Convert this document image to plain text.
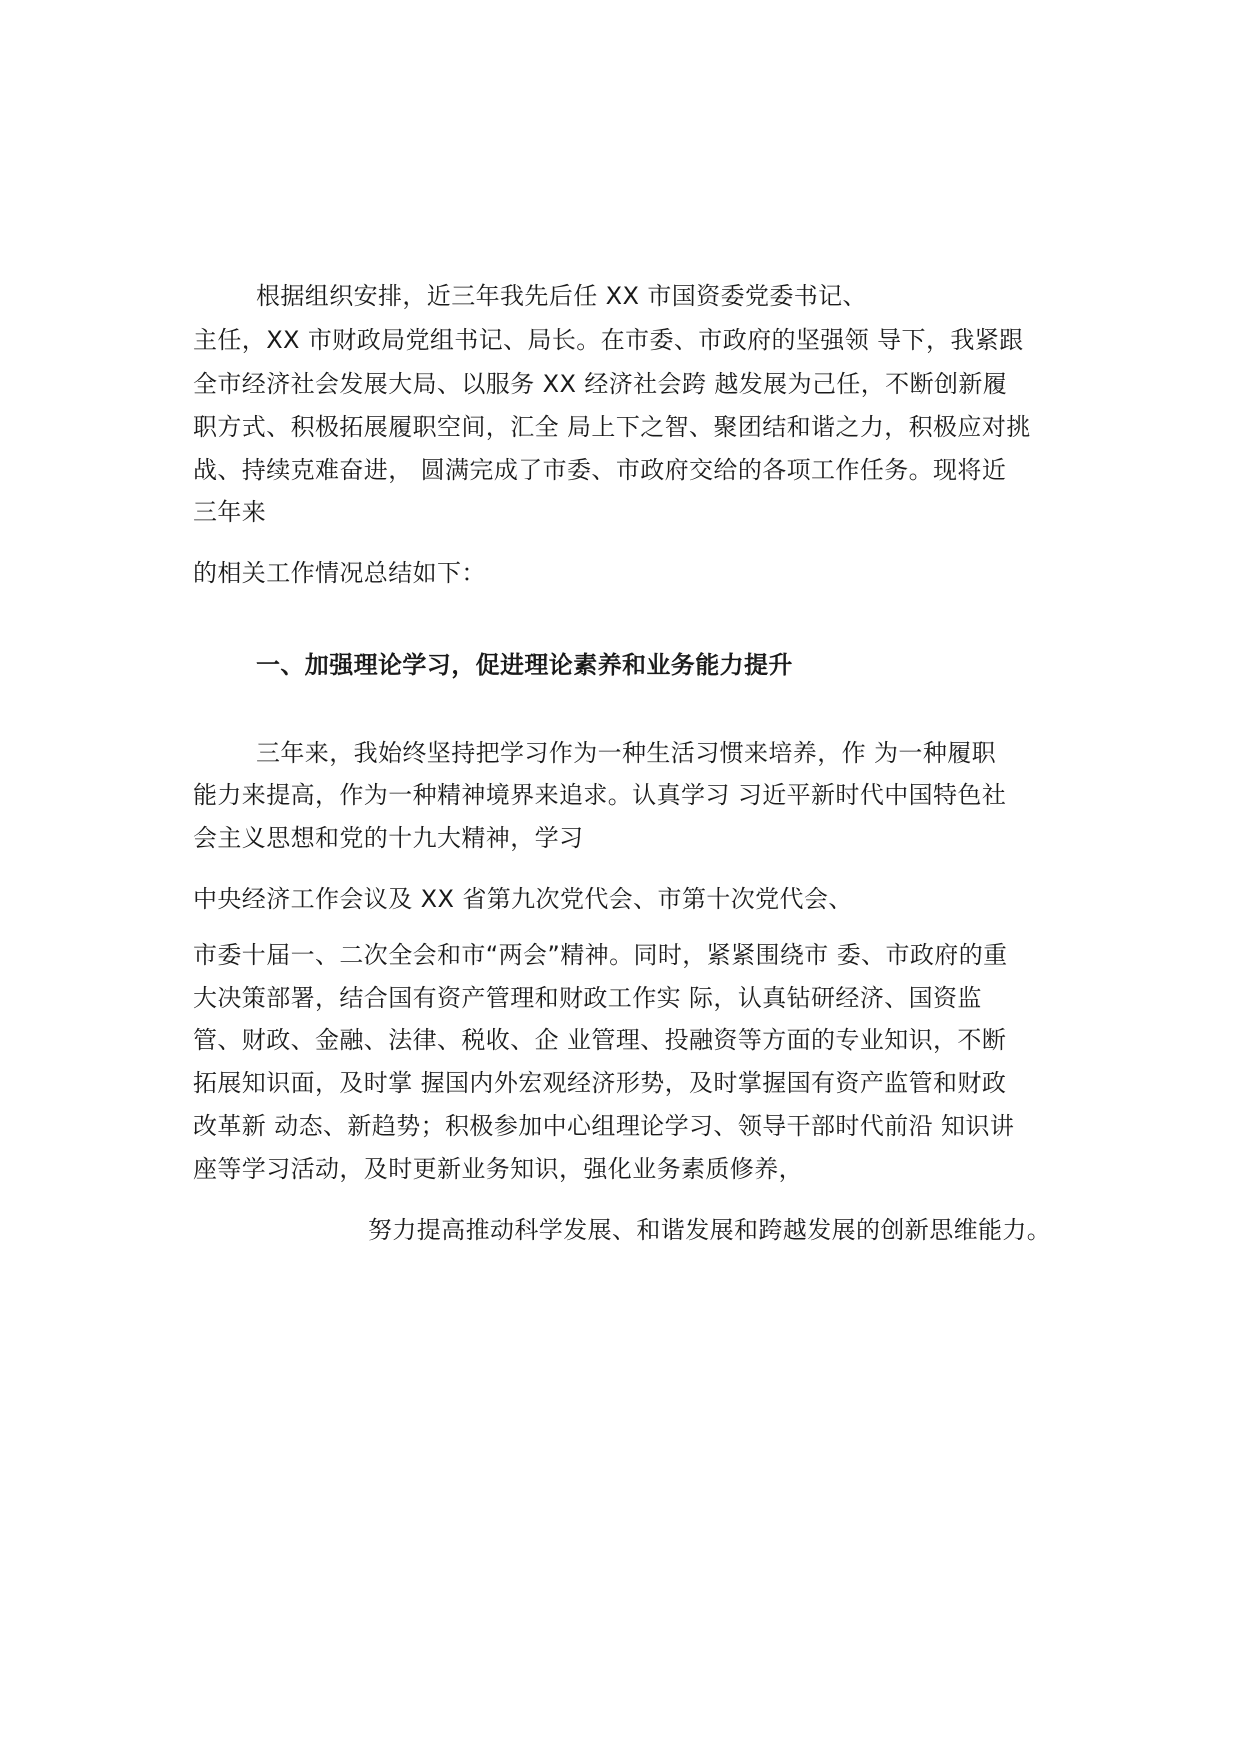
根据组织安排，近三年我先后任 XX 市国资委党委书记、
主任，XX 市财政局党组书记、局长。在市委、市政府的坚强领 导下，我紧跟
全市经济社会发展大局、以服务 XX 经济社会跨 越发展为己任，不断创新履
职方式、积极拓展履职空间，汇全 局上下之智、聚团结和谐之力，积极应对挑
战、持续克难奋进， 圆满完成了市委、市政府交给的各项工作任务。现将近
三年来
的相关工作情况总结如下：
一、加强理论学习，促进理论素养和业务能力提升
三年来，我始终坚持把学习作为一种生活习惯来培养，作 为一种履职
能力来提高，作为一种精神境界来追求。认真学习 习近平新时代中国特色社
会主义思想和党的十九大精神，学习
中央经济工作会议及 XX 省第九次党代会、市第十次党代会、
市委十届一、二次全会和市“两会”精神。同时，紧紧围绕市 委、市政府的重
大决策部署，结合国有资产管理和财政工作实 际，认真钻研经济、国资监
管、财政、金融、法律、税收、企 业管理、投融资等方面的专业知识，不断
拓展知识面，及时掌 握国内外宏观经济形势，及时掌握国有资产监管和财政
改革新 动态、新趋势；积极参加中心组理论学习、领导干部时代前沿 知识讲
座等学习活动，及时更新业务知识，强化业务素质修养，
努力提高推动科学发展、和谐发展和跨越发展的创新思维能力。
